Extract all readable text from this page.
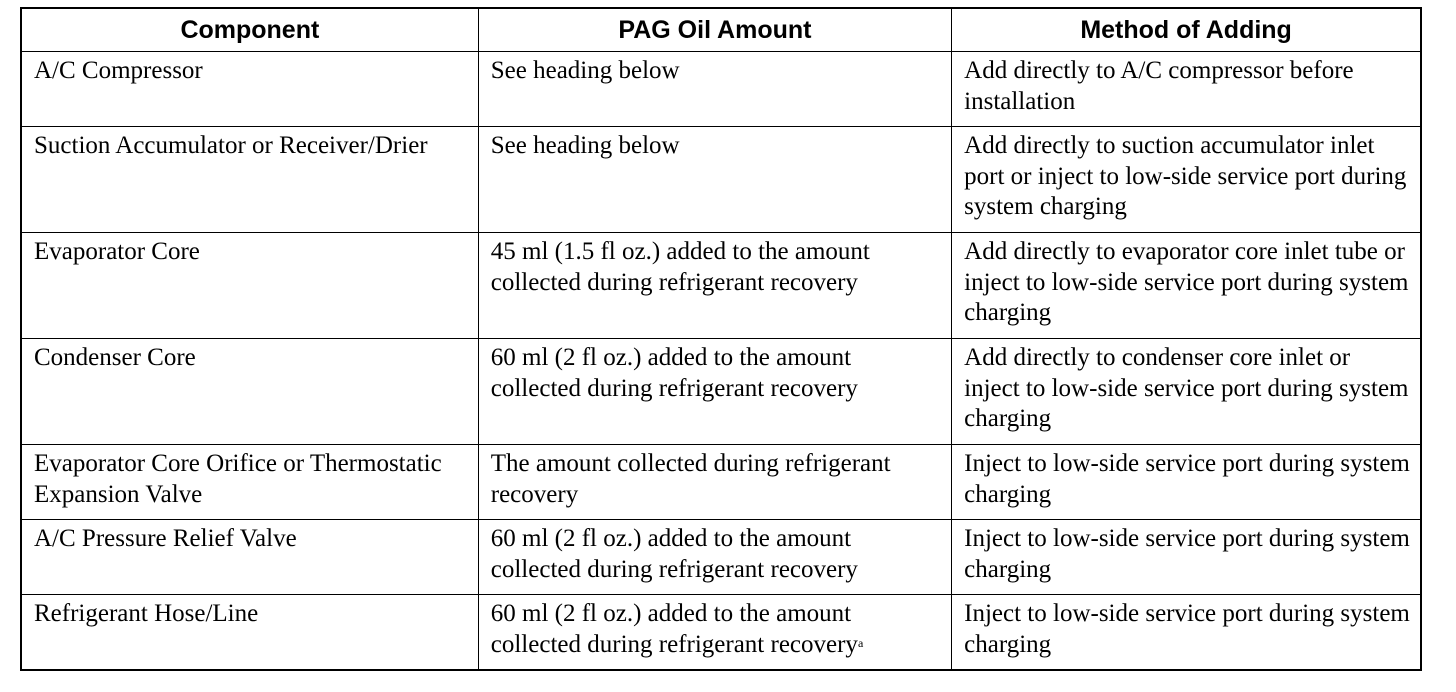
Component	PAG Oil Amount	Method of Adding
A/C Compressor	See heading below	Add directly to A/C compressor before installation
Suction Accumulator or Receiver/Drier	See heading below	Add directly to suction accumulator inlet port or inject to low-side service port during system charging
Evaporator Core	45 ml (1.5 fl oz.) added to the amount collected during refrigerant recovery	Add directly to evaporator core inlet tube or inject to low-side service port during system charging
Condenser Core	60 ml (2 fl oz.) added to the amount collected during refrigerant recovery	Add directly to condenser core inlet or inject to low-side service port during system charging
Evaporator Core Orifice or Thermostatic Expansion Valve	The amount collected during refrigerant recovery	Inject to low-side service port during system charging
A/C Pressure Relief Valve	60 ml (2 fl oz.) added to the amount collected during refrigerant recovery	Inject to low-side service port during system charging
Refrigerant Hose/Line	60 ml (2 fl oz.) added to the amount collected during refrigerant recovery$^a$	Inject to low-side service port during system charging
